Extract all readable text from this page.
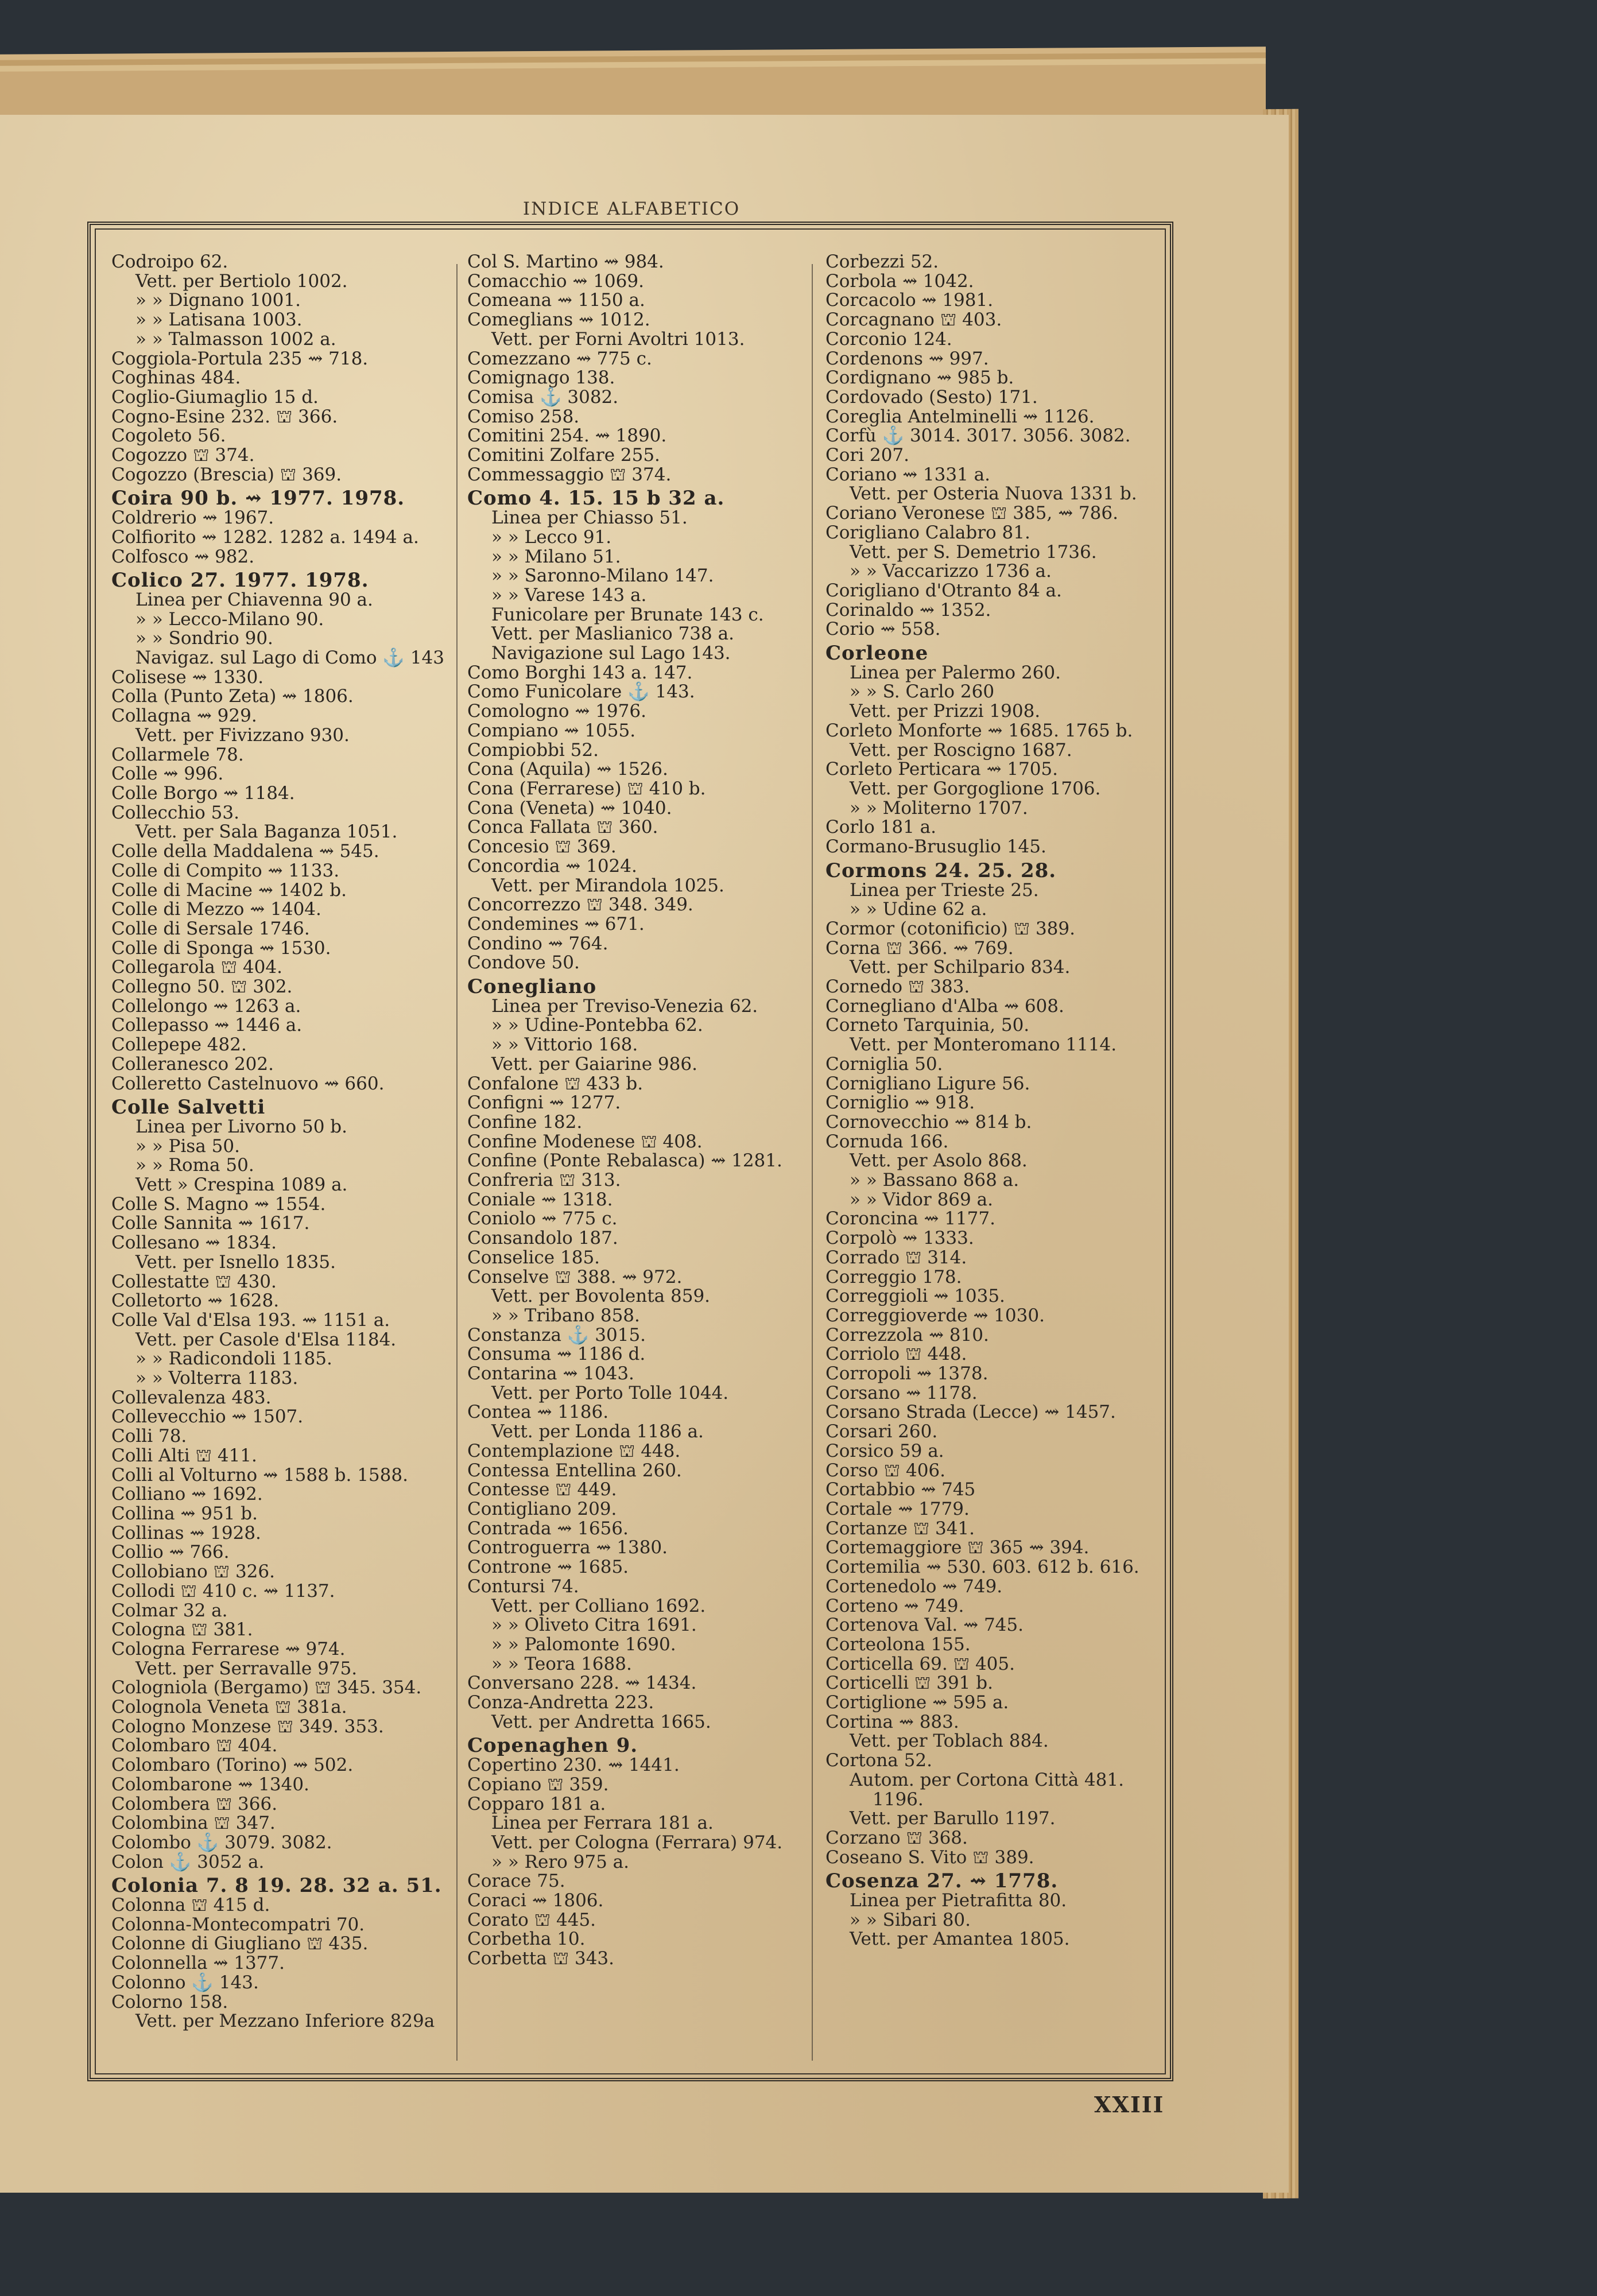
INDICE ALFABETICO
Codroipo 62.
Vett. per Bertiolo 1002.
» » Dignano 1001.
» » Latisana 1003.
» » Talmasson 1002 a.
Coggiola-Portula 235 ⇝ 718.
Coghinas 484.
Coglio-Giumaglio 15 d.
Cogno-Esine 232. ⛫ 366.
Cogoleto 56.
Cogozzo ⛫ 374.
Cogozzo (Brescia) ⛫ 369.
Coira 90 b. ⇝ 1977. 1978.
Coldrerio ⇝ 1967.
Colfiorito ⇝ 1282. 1282 a. 1494 a.
Colfosco ⇝ 982.
Colico 27. 1977. 1978.
Linea per Chiavenna 90 a.
» » Lecco-Milano 90.
» » Sondrio 90.
Navigaz. sul Lago di Como ⚓ 143
Colisese ⇝ 1330.
Colla (Punto Zeta) ⇝ 1806.
Collagna ⇝ 929.
Vett. per Fivizzano 930.
Collarmele 78.
Colle ⇝ 996.
Colle Borgo ⇝ 1184.
Collecchio 53.
Vett. per Sala Baganza 1051.
Colle della Maddalena ⇝ 545.
Colle di Compito ⇝ 1133.
Colle di Macine ⇝ 1402 b.
Colle di Mezzo ⇝ 1404.
Colle di Sersale 1746.
Colle di Sponga ⇝ 1530.
Collegarola ⛫ 404.
Collegno 50. ⛫ 302.
Collelongo ⇝ 1263 a.
Collepasso ⇝ 1446 a.
Collepepe 482.
Colleranesco 202.
Colleretto Castelnuovo ⇝ 660.
Colle Salvetti
Linea per Livorno 50 b.
» » Pisa 50.
» » Roma 50.
Vett » Crespina 1089 a.
Colle S. Magno ⇝ 1554.
Colle Sannita ⇝ 1617.
Collesano ⇝ 1834.
Vett. per Isnello 1835.
Collestatte ⛫ 430.
Colletorto ⇝ 1628.
Colle Val d'Elsa 193. ⇝ 1151 a.
Vett. per Casole d'Elsa 1184.
» » Radicondoli 1185.
» » Volterra 1183.
Collevalenza 483.
Collevecchio ⇝ 1507.
Colli 78.
Colli Alti ⛫ 411.
Colli al Volturno ⇝ 1588 b. 1588.
Colliano ⇝ 1692.
Collina ⇝ 951 b.
Collinas ⇝ 1928.
Collio ⇝ 766.
Collobiano ⛫ 326.
Collodi ⛫ 410 c. ⇝ 1137.
Colmar 32 a.
Cologna ⛫ 381.
Cologna Ferrarese ⇝ 974.
Vett. per Serravalle 975.
Cologniola (Bergamo) ⛫ 345. 354.
Colognola Veneta ⛫ 381a.
Cologno Monzese ⛫ 349. 353.
Colombaro ⛫ 404.
Colombaro (Torino) ⇝ 502.
Colombarone ⇝ 1340.
Colombera ⛫ 366.
Colombina ⛫ 347.
Colombo ⚓ 3079. 3082.
Colon ⚓ 3052 a.
Colonia 7. 8 19. 28. 32 a. 51.
Colonna ⛫ 415 d.
Colonna-Montecompatri 70.
Colonne di Giugliano ⛫ 435.
Colonnella ⇝ 1377.
Colonno ⚓ 143.
Colorno 158.
Vett. per Mezzano Inferiore 829a
Col S. Martino ⇝ 984.
Comacchio ⇝ 1069.
Comeana ⇝ 1150 a.
Comeglians ⇝ 1012.
Vett. per Forni Avoltri 1013.
Comezzano ⇝ 775 c.
Comignago 138.
Comisa ⚓ 3082.
Comiso 258.
Comitini 254. ⇝ 1890.
Comitini Zolfare 255.
Commessaggio ⛫ 374.
Como 4. 15. 15 b 32 a.
Linea per Chiasso 51.
» » Lecco 91.
» » Milano 51.
» » Saronno-Milano 147.
» » Varese 143 a.
Funicolare per Brunate 143 c.
Vett. per Maslianico 738 a.
Navigazione sul Lago 143.
Como Borghi 143 a. 147.
Como Funicolare ⚓ 143.
Comologno ⇝ 1976.
Compiano ⇝ 1055.
Compiobbi 52.
Cona (Aquila) ⇝ 1526.
Cona (Ferrarese) ⛫ 410 b.
Cona (Veneta) ⇝ 1040.
Conca Fallata ⛫ 360.
Concesio ⛫ 369.
Concordia ⇝ 1024.
Vett. per Mirandola 1025.
Concorrezzo ⛫ 348. 349.
Condemines ⇝ 671.
Condino ⇝ 764.
Condove 50.
Conegliano
Linea per Treviso-Venezia 62.
» » Udine-Pontebba 62.
» » Vittorio 168.
Vett. per Gaiarine 986.
Confalone ⛫ 433 b.
Configni ⇝ 1277.
Confine 182.
Confine Modenese ⛫ 408.
Confine (Ponte Rebalasca) ⇝ 1281.
Confreria ⛫ 313.
Coniale ⇝ 1318.
Coniolo ⇝ 775 c.
Consandolo 187.
Conselice 185.
Conselve ⛫ 388. ⇝ 972.
Vett. per Bovolenta 859.
» » Tribano 858.
Constanza ⚓ 3015.
Consuma ⇝ 1186 d.
Contarina ⇝ 1043.
Vett. per Porto Tolle 1044.
Contea ⇝ 1186.
Vett. per Londa 1186 a.
Contemplazione ⛫ 448.
Contessa Entellina 260.
Contesse ⛫ 449.
Contigliano 209.
Contrada ⇝ 1656.
Controguerra ⇝ 1380.
Controne ⇝ 1685.
Contursi 74.
Vett. per Colliano 1692.
» » Oliveto Citra 1691.
» » Palomonte 1690.
» » Teora 1688.
Conversano 228. ⇝ 1434.
Conza-Andretta 223.
Vett. per Andretta 1665.
Copenaghen 9.
Copertino 230. ⇝ 1441.
Copiano ⛫ 359.
Copparo 181 a.
Linea per Ferrara 181 a.
Vett. per Cologna (Ferrara) 974.
» » Rero 975 a.
Corace 75.
Coraci ⇝ 1806.
Corato ⛫ 445.
Corbetha 10.
Corbetta ⛫ 343.
Corbezzi 52.
Corbola ⇝ 1042.
Corcacolo ⇝ 1981.
Corcagnano ⛫ 403.
Corconio 124.
Cordenons ⇝ 997.
Cordignano ⇝ 985 b.
Cordovado (Sesto) 171.
Coreglia Antelminelli ⇝ 1126.
Corfù ⚓ 3014. 3017. 3056. 3082.
Cori 207.
Coriano ⇝ 1331 a.
Vett. per Osteria Nuova 1331 b.
Coriano Veronese ⛫ 385, ⇝ 786.
Corigliano Calabro 81.
Vett. per S. Demetrio 1736.
» » Vaccarizzo 1736 a.
Corigliano d'Otranto 84 a.
Corinaldo ⇝ 1352.
Corio ⇝ 558.
Corleone
Linea per Palermo 260.
» » S. Carlo 260
Vett. per Prizzi 1908.
Corleto Monforte ⇝ 1685. 1765 b.
Vett. per Roscigno 1687.
Corleto Perticara ⇝ 1705.
Vett. per Gorgoglione 1706.
» » Moliterno 1707.
Corlo 181 a.
Cormano-Brusuglio 145.
Cormons 24. 25. 28.
Linea per Trieste 25.
» » Udine 62 a.
Cormor (cotonificio) ⛫ 389.
Corna ⛫ 366. ⇝ 769.
Vett. per Schilpario 834.
Cornedo ⛫ 383.
Cornegliano d'Alba ⇝ 608.
Corneto Tarquinia, 50.
Vett. per Monteromano 1114.
Corniglia 50.
Corniglianο Ligure 56.
Corniglio ⇝ 918.
Cornovecchio ⇝ 814 b.
Cornuda 166.
Vett. per Asolo 868.
» » Bassano 868 a.
» » Vidor 869 a.
Coroncina ⇝ 1177.
Corpolò ⇝ 1333.
Corrado ⛫ 314.
Correggio 178.
Correggioli ⇝ 1035.
Correggioverde ⇝ 1030.
Correzzola ⇝ 810.
Corriolo ⛫ 448.
Corropoli ⇝ 1378.
Corsano ⇝ 1178.
Corsano Strada (Lecce) ⇝ 1457.
Corsari 260.
Corsico 59 a.
Corso ⛫ 406.
Cortabbio ⇝ 745
Cortale ⇝ 1779.
Cortanze ⛫ 341.
Cortemaggiore ⛫ 365 ⇝ 394.
Cortemilia ⇝ 530. 603. 612 b. 616.
Cortenedolo ⇝ 749.
Corteno ⇝ 749.
Cortenova Val. ⇝ 745.
Corteolona 155.
Corticella 69. ⛫ 405.
Corticelli ⛫ 391 b.
Cortiglione ⇝ 595 a.
Cortina ⇝ 883.
Vett. per Toblach 884.
Cortona 52.
Autom. per Cortona Città 481.
1196.
Vett. per Barullo 1197.
Corzano ⛫ 368.
Coseano S. Vito ⛫ 389.
Cosenza 27. ⇝ 1778.
Linea per Pietrafitta 80.
» » Sibari 80.
Vett. per Amantea 1805.
XXIII
